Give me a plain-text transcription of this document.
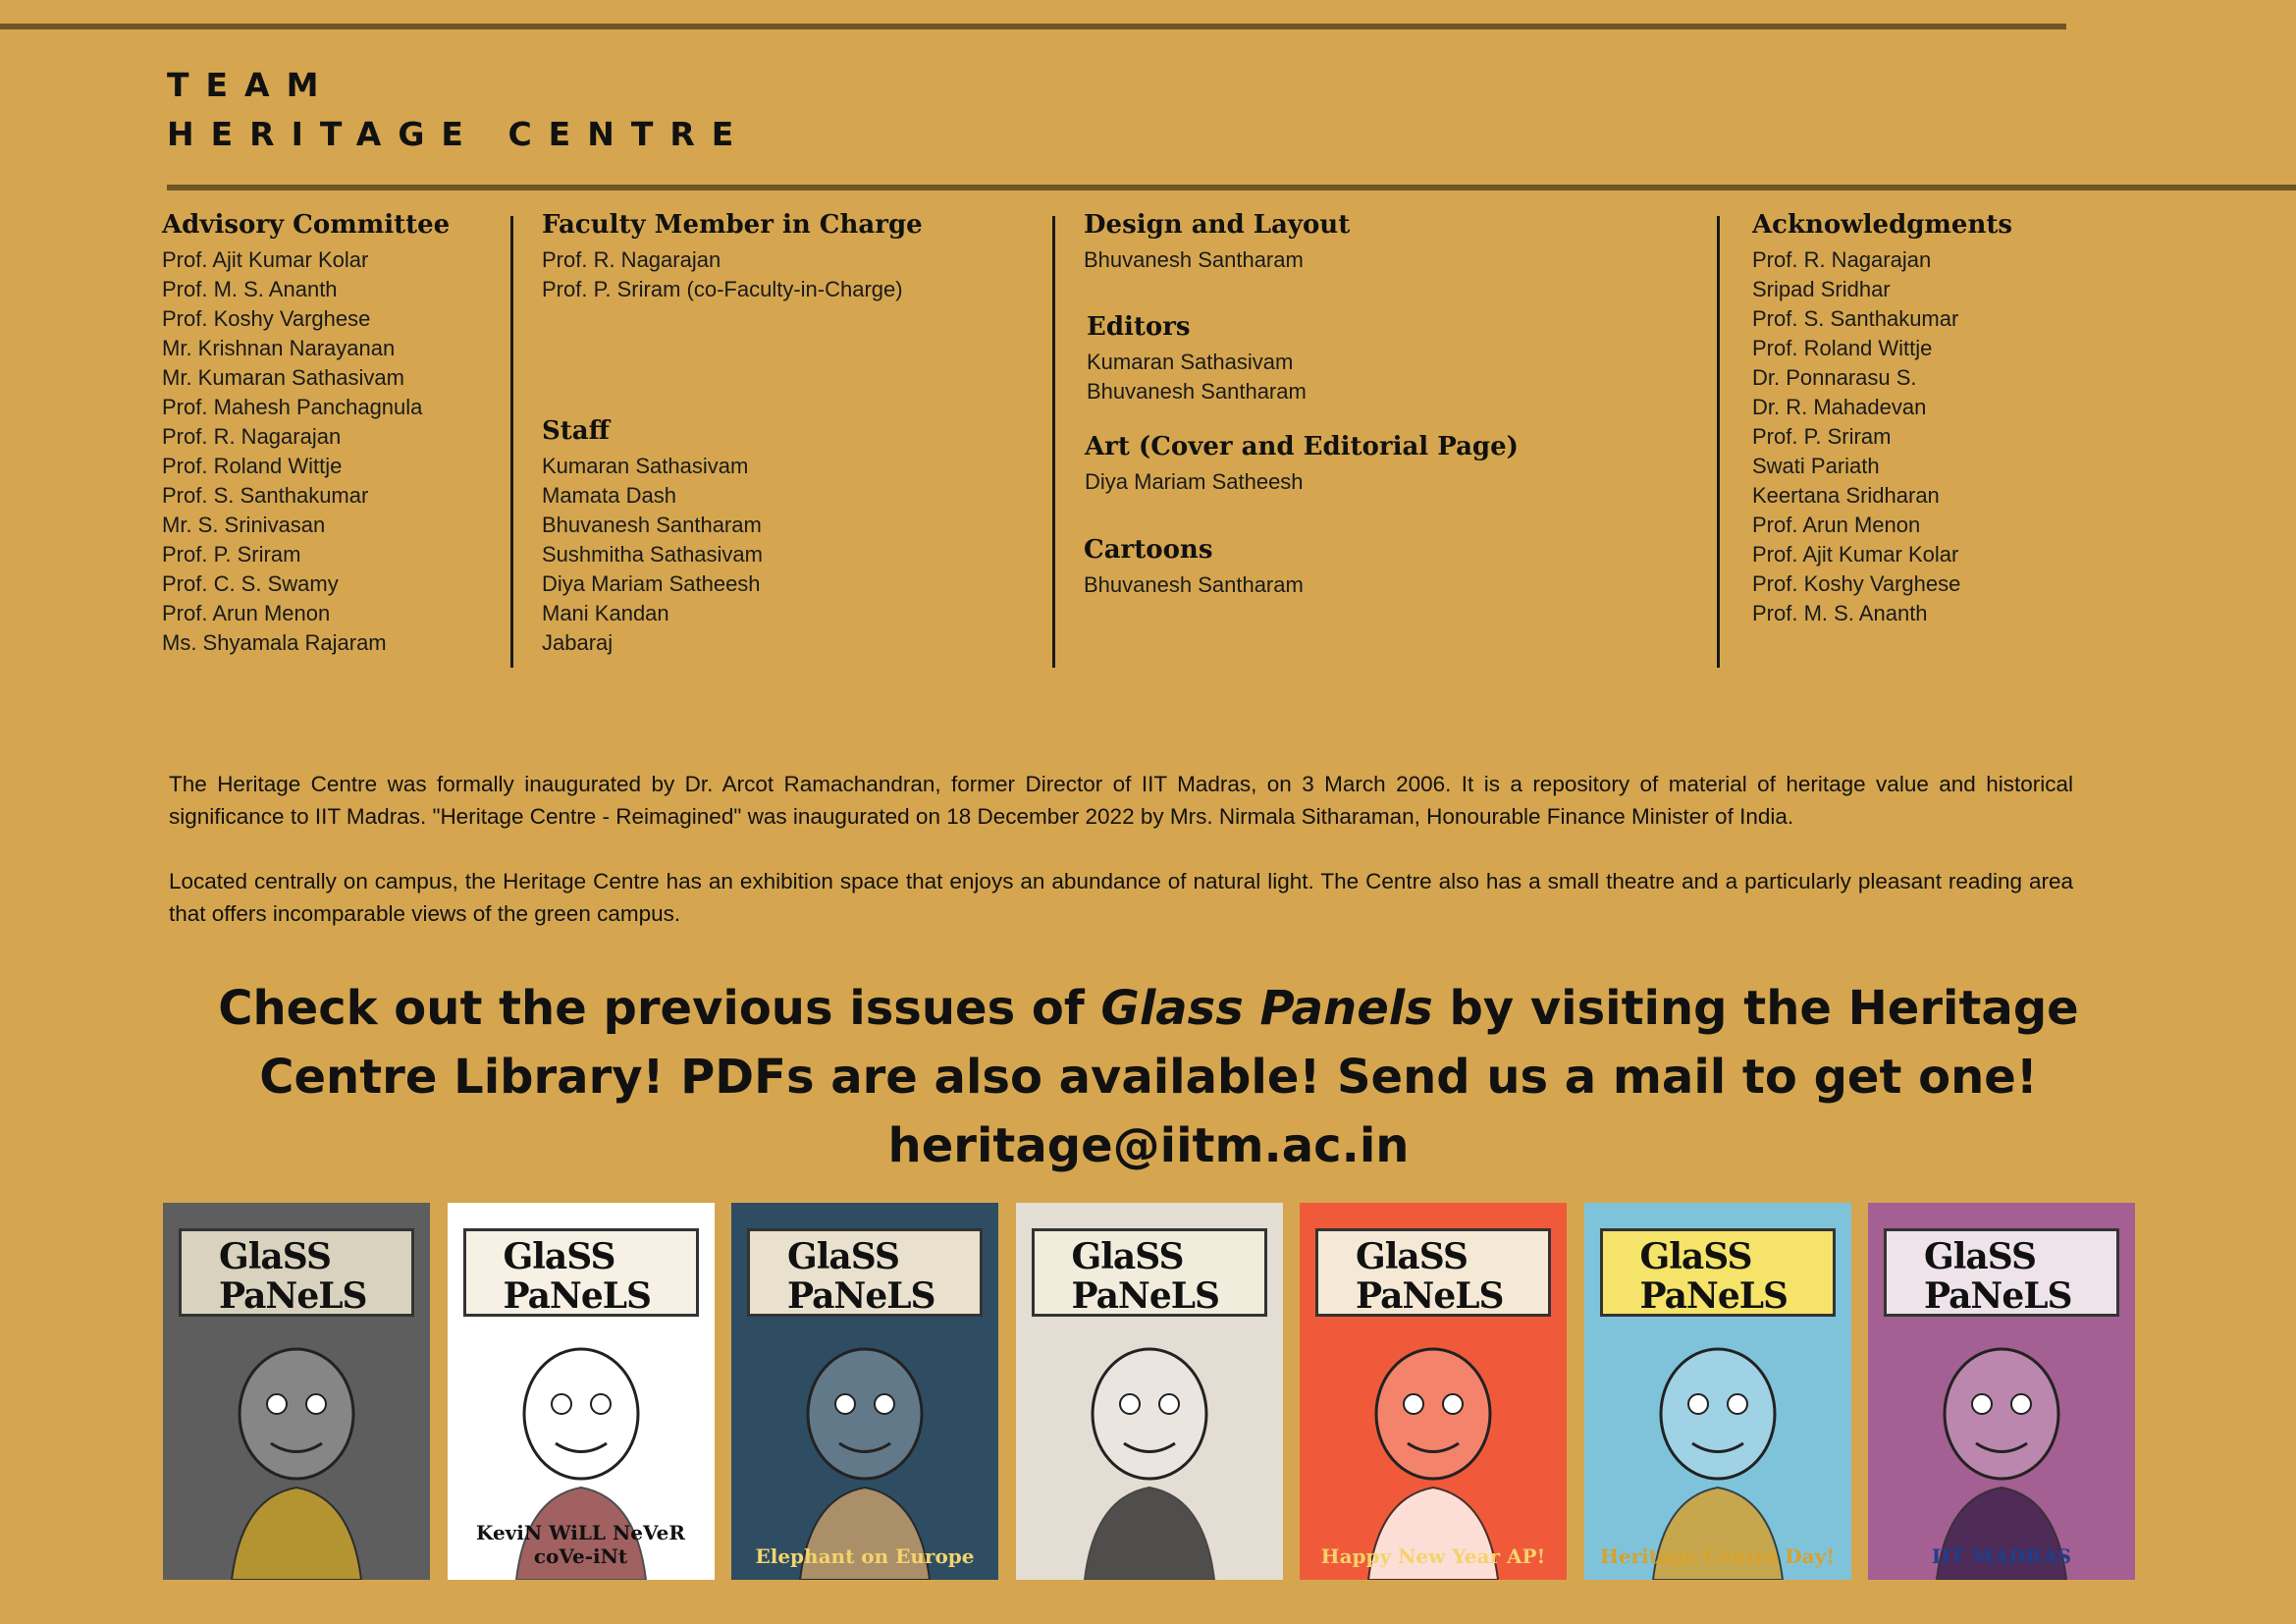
TEAM
HERITAGE CENTRE
Advisory Committee
Prof. Ajit Kumar Kolar
Prof. M. S. Ananth
Prof. Koshy Varghese
Mr. Krishnan Narayanan
Mr. Kumaran Sathasivam
Prof. Mahesh Panchagnula
Prof. R. Nagarajan
Prof. Roland Wittje
Prof. S. Santhakumar
Mr. S. Srinivasan
Prof. P. Sriram
Prof. C. S. Swamy
Prof. Arun Menon
Ms. Shyamala Rajaram
Faculty Member in Charge
Prof. R. Nagarajan
Prof. P. Sriram (co-Faculty-in-Charge)
Staff
Kumaran Sathasivam
Mamata Dash
Bhuvanesh Santharam
Sushmitha Sathasivam
Diya Mariam Satheesh
Mani Kandan
Jabaraj
Design and Layout
Bhuvanesh Santharam
Editors
Kumaran Sathasivam
Bhuvanesh Santharam
Art (Cover and Editorial Page)
Diya Mariam Satheesh
Cartoons
Bhuvanesh Santharam
Acknowledgments
Prof. R. Nagarajan
Sripad Sridhar
Prof. S. Santhakumar
Prof. Roland Wittje
Dr. Ponnarasu S.
Dr. R. Mahadevan
Prof. P. Sriram
Swati Pariath
Keertana Sridharan
Prof. Arun Menon
Prof. Ajit Kumar Kolar
Prof. Koshy Varghese
Prof. M. S. Ananth
The Heritage Centre was formally inaugurated by Dr. Arcot Ramachandran, former Director of IIT Madras, on 3 March 2006. It is a repository of material of heritage value and historical significance to IIT Madras. "Heritage Centre - Reimagined" was inaugurated on 18 December 2022 by Mrs. Nirmala Sitharaman, Honourable Finance Minister of India.
Located centrally on campus, the Heritage Centre has an exhibition space that enjoys an abundance of natural light. The Centre also has a small theatre and a particularly pleasant reading area that offers incomparable views of the green campus.
Check out the previous issues of Glass Panels by visiting the Heritage Centre Library! PDFs are also available! Send us a mail to get one!
heritage@iitm.ac.in
GlaSS PaNeLS
GlaSS PaNeLS
KeviN WiLL NeVeR coVe-iNt
GlaSS PaNeLS
Elephant on Europe
GlaSS PaNeLS
GlaSS PaNeLS
Happy New Year AP!
GlaSS PaNeLS
Heritage Centre Day!
GlaSS PaNeLS
IIT MADRAS
